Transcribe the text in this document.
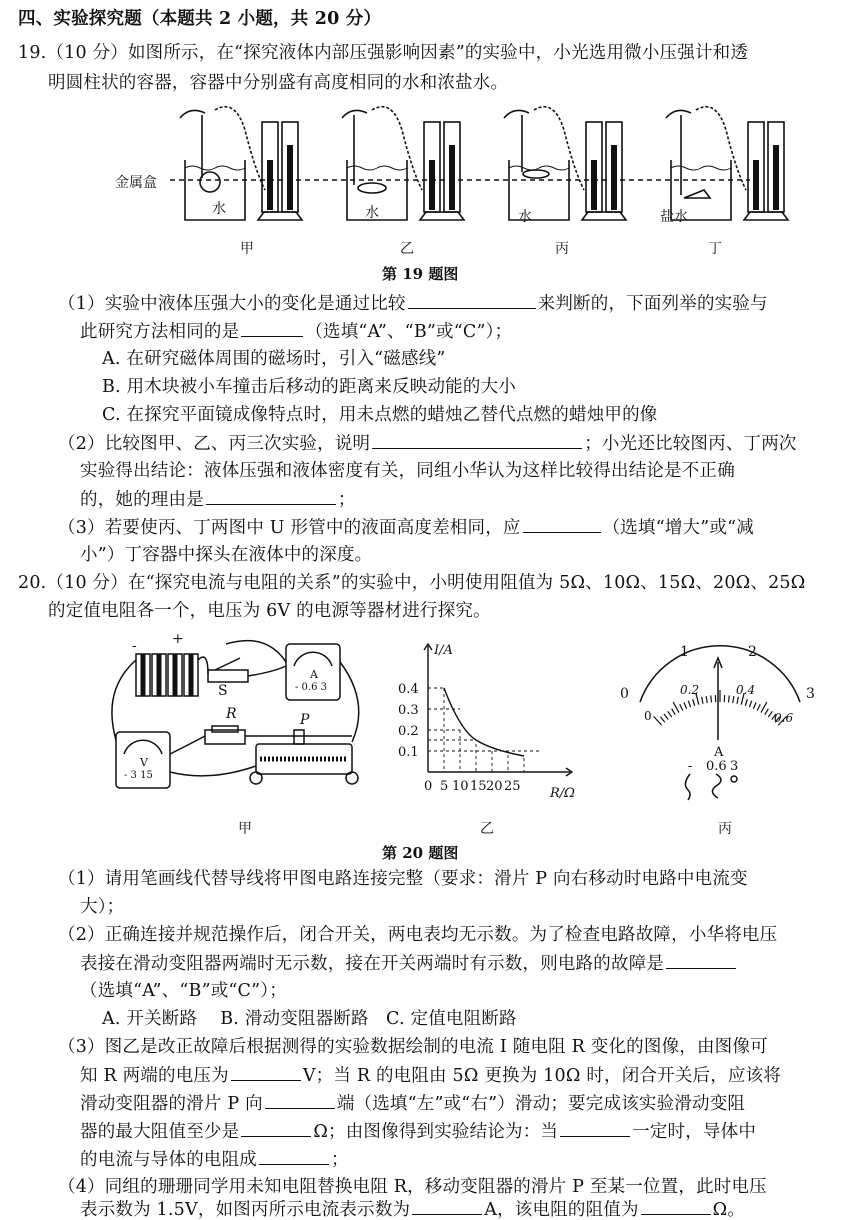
四、实验探究题（本题共 2 小题，共 20 分）
19.（10 分）如图所示，在“探究液体内部压强影响因素”的实验中，小光选用微小压强计和透
明圆柱状的容器，容器中分别盛有高度相同的水和浓盐水。
金属盒
水	水	水	盐水
甲	乙	丙	丁
第 19 题图
（1）实验中液体压强大小的变化是通过比较	来判断的，下面列举的实验与
此研究方法相同的是	（选填“A”、“B”或“C”）；
A. 在研究磁体周围的磁场时，引入“磁感线”
B. 用木块被小车撞击后移动的距离来反映动能的大小
C. 在探究平面镜成像特点时，用未点燃的蜡烛乙替代点燃的蜡烛甲的像
（2）比较图甲、乙、丙三次实验，说明	；小光还比较图丙、丁两次
实验得出结论：液体压强和液体密度有关，同组小华认为这样比较得出结论是不正确
的，她的理由是	；
（3）若要使丙、丁两图中 U 形管中的液面高度差相同，应	（选填“增大”或“减
小”）丁容器中探头在液体中的深度。
20.（10 分）在“探究电流与电阻的关系”的实验中，小明使用阻值为 5Ω、10Ω、15Ω、20Ω、25Ω
的定值电阻各一个，电压为 6V 的电源等器材进行探究。
+
-
S
A
- 0.6 3
V
- 3 15
R	P
甲
I/A
R/Ω
0.4
0.3
0.2
0.1
0 5 10 15 20 25
乙
0
1	2
3
0
0.2	0.4
0.6
A
- 0.6 3
丙
第 20 题图
（1）请用笔画线代替导线将甲图电路连接完整（要求：滑片 P 向右移动时电路中电流变
大）；
（2）正确连接并规范操作后，闭合开关，两电表均无示数。为了检查电路故障，小华将电压
表接在滑动变阻器两端时无示数，接在开关两端时有示数，则电路的故障是
（选填“A”、“B”或“C”）；
A. 开关断路 B. 滑动变阻器断路 C. 定值电阻断路
（3）图乙是改正故障后根据测得的实验数据绘制的电流 I 随电阻 R 变化的图像，由图像可
知 R 两端的电压为	V；当 R 的电阻由 5Ω 更换为 10Ω 时，闭合开关后，应该将
滑动变阻器的滑片 P 向	端（选填“左”或“右”）滑动；要完成该实验滑动变阻
器的最大阻值至少是	Ω；由图像得到实验结论为：当	一定时，导体中
的电流与导体的电阻成	；
（4）同组的珊珊同学用未知电阻替换电阻 R，移动变阻器的滑片 P 至某一位置，此时电压
表示数为 1.5V，如图丙所示电流表示数为	A，该电阻的阻值为	Ω。
